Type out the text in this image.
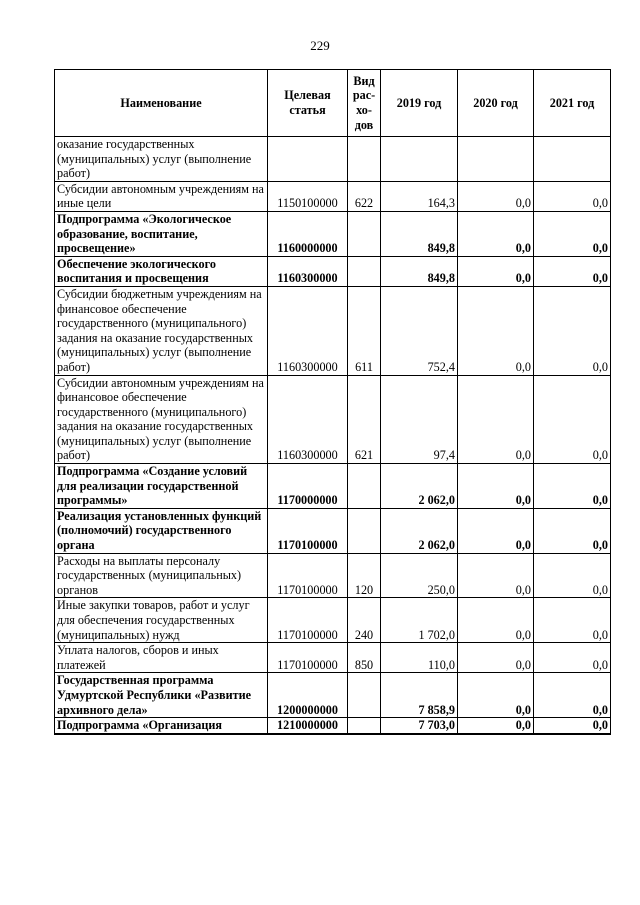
229
Наименование	Целевая статья	Вид рас-хо-дов	2019 год	2020 год	2021 год
оказание государственных (муниципальных) услуг (выполнение работ)					
Субсидии автономным учреждениям на иные цели	1150100000	622	164,3	0,0	0,0
Подпрограмма «Экологическое образование, воспитание, просвещение»	1160000000		849,8	0,0	0,0
Обеспечение экологического воспитания и просвещения	1160300000		849,8	0,0	0,0
Субсидии бюджетным учреждениям на финансовое обеспечение государственного (муниципального) задания на оказание государственных (муниципальных) услуг (выполнение работ)	1160300000	611	752,4	0,0	0,0
Субсидии автономным учреждениям на финансовое обеспечение государственного (муниципального) задания на оказание государственных (муниципальных) услуг (выполнение работ)	1160300000	621	97,4	0,0	0,0
Подпрограмма «Создание условий для реализации государственной программы»	1170000000		2 062,0	0,0	0,0
Реализация установленных функций (полномочий) государственного органа	1170100000		2 062,0	0,0	0,0
Расходы на выплаты персоналу государственных (муниципальных) органов	1170100000	120	250,0	0,0	0,0
Иные закупки товаров, работ и услуг для обеспечения государственных (муниципальных) нужд	1170100000	240	1 702,0	0,0	0,0
Уплата налогов, сборов и иных платежей	1170100000	850	110,0	0,0	0,0
Государственная программа Удмуртской Республики «Развитие архивного дела»	1200000000		7 858,9	0,0	0,0
Подпрограмма «Организация	1210000000		7 703,0	0,0	0,0
